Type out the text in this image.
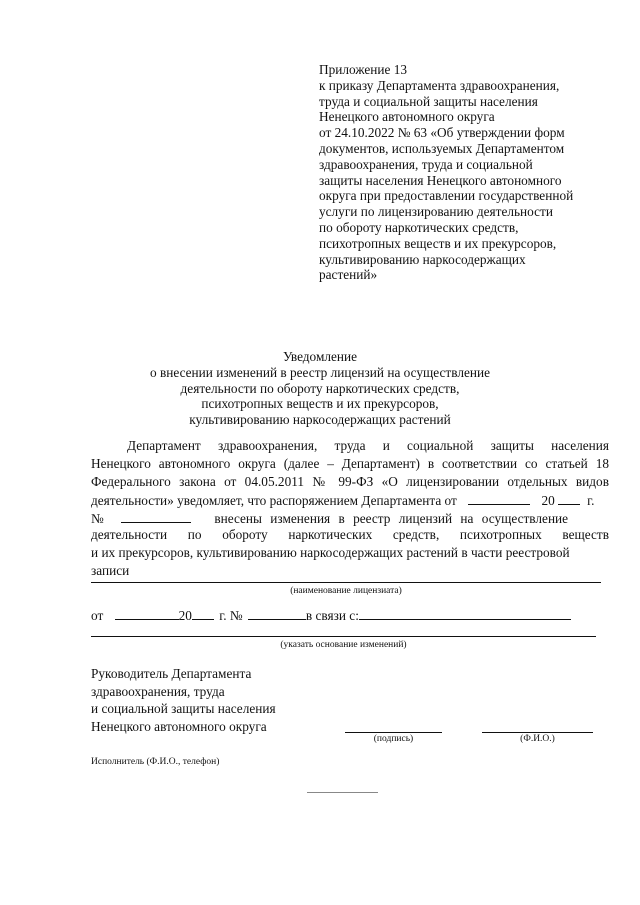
Приложение 13
к приказу Департамента здравоохранения,
труда и социальной защиты населения
Ненецкого автономного округа
от 24.10.2022 № 63 «Об утверждении форм
документов, используемых Департаментом
здравоохранения, труда и социальной
защиты населения Ненецкого автономного
округа при предоставлении государственной
услуги по лицензированию деятельности
по обороту наркотических средств,
психотропных веществ и их прекурсоров,
культивированию наркосодержащих
растений»
Уведомление
о внесении изменений в реестр лицензий на осуществление
деятельности по обороту наркотических средств,
психотропных веществ и их прекурсоров,
культивированию наркосодержащих растений
Департамент здравоохранения, труда и социальной защиты населения
Ненецкого автономного округа (далее – Департамент) в соответствии со статьей 18
Федерального закона от 04.05.2011 № 99-ФЗ «О лицензировании отдельных видов
деятельности» уведомляет, что распоряжением Департамента от	20 г.
№	внесены изменения в реестр лицензий на осуществление
деятельности по обороту наркотических средств, психотропных веществ
и их прекурсоров, культивированию наркосодержащих растений в части реестровой
записи
(наименование лицензиата)
от	20 г. №	в связи с:
(указать основание изменений)
Руководитель Департамента
здравоохранения, труда
и социальной защиты населения
Ненецкого автономного округа
(подпись)	(Ф.И.О.)
Исполнитель (Ф.И.О., телефон)
